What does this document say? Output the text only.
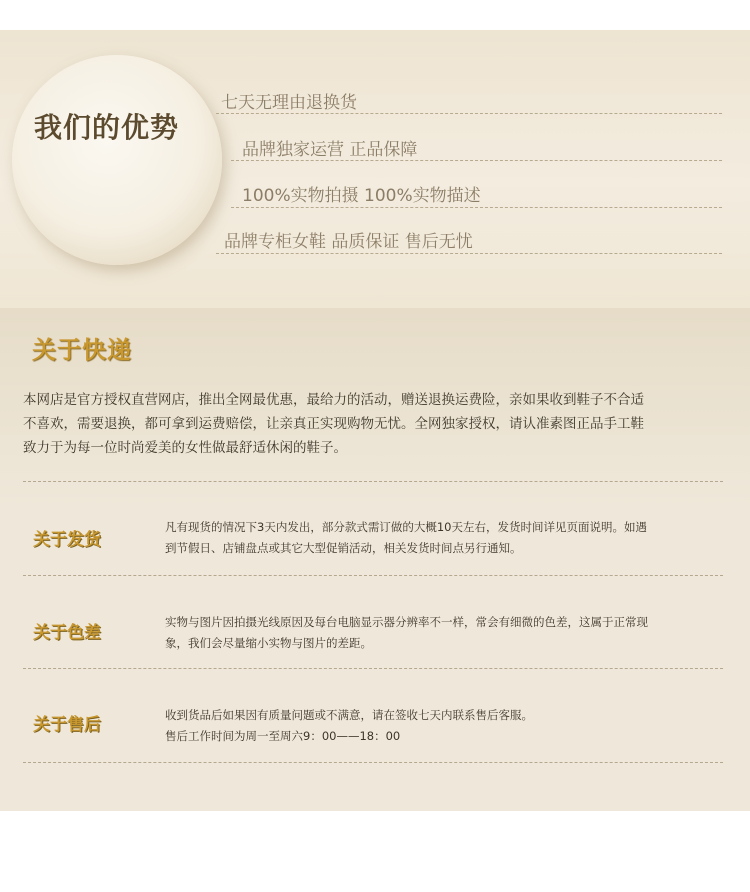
我们的优势
七天无理由退换货
品牌独家运营 正品保障
100%实物拍摄 100%实物描述
品牌专柜女鞋 品质保证 售后无忧
关于快递

本网店是官方授权直营网店，推出全网最优惠，最给力的活动，赠送退换运费险，亲如果收到鞋子不合适

不喜欢，需要退换，都可拿到运费赔偿，让亲真正实现购物无忧。全网独家授权，请认准素图正品手工鞋

致力于为每一位时尚爱美的女性做最舒适休闲的鞋子。

关于发货

凡有现货的情况下3天内发出，部分款式需订做的大概10天左右，发货时间详见页面说明。如遇

到节假日、店铺盘点或其它大型促销活动，相关发货时间点另行通知。

关于色差

实物与图片因拍摄光线原因及每台电脑显示器分辨率不一样，常会有细微的色差，这属于正常现

象，我们会尽量缩小实物与图片的差距。

关于售后	收到货品后如果因有质量问题或不满意，请在签收七天内联系售后客服。

售后工作时间为周一至周六9：00——18：00
